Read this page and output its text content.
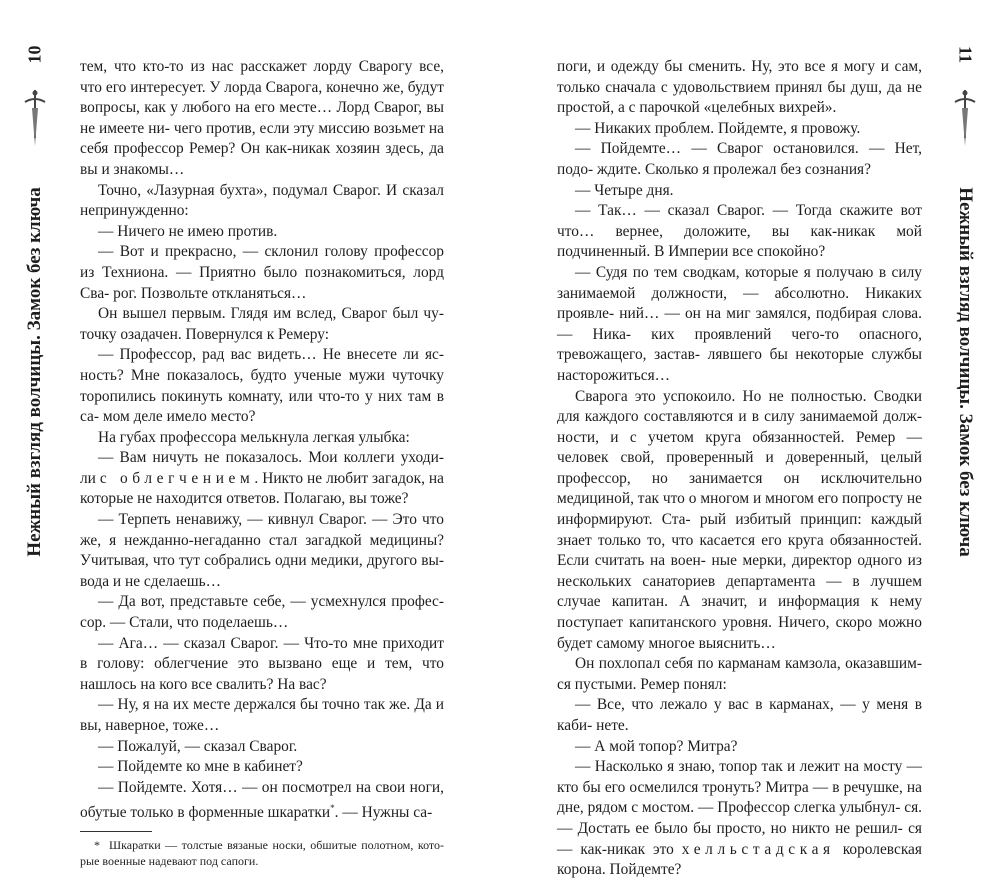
10
Нежный взгляд волчицы. Замок без ключа

тем, что кто-то из нас расскажет лорду Сварогу все, что его интересует. У лорда Сварога, конечно же, будут вопросы, как у любого на его месте… Лорд Сварог, вы не имеете ни- чего против, если эту миссию возьмет на себя профессор Ремер? Он как-никак хозяин здесь, да вы и знакомы…

Точно, «Лазурная бухта», подумал Сварог. И сказал непринужденно:

— Ничего не имею против.

— Вот и прекрасно, — склонил голову профессор из Техниона. — Приятно было познакомиться, лорд Сва- рог. Позвольте откланяться…

Он вышел первым. Глядя им вслед, Сварог был чу- точку озадачен. Повернулся к Ремеру:

— Профессор, рад вас видеть… Не внесете ли яс- ность? Мне показалось, будто ученые мужи чуточку торопились покинуть комнату, или что-то у них там в са- мом деле имело место?

На губах профессора мелькнула легкая улыбка:

— Вам ничуть не показалось. Мои коллеги уходи- ли с облегчением. Никто не любит загадок, на которые не находится ответов. Полагаю, вы тоже?

— Терпеть ненавижу, — кивнул Сварог. — Это что же, я нежданно-негаданно стал загадкой медицины? Учитывая, что тут собрались одни медики, другого вы- вода и не сделаешь…

— Да вот, представьте себе, — усмехнулся профес- сор. — Стали, что поделаешь…

— Ага… — сказал Сварог. — Что-то мне приходит в голову: облегчение это вызвано еще и тем, что нашлось на кого все свалить? На вас?

— Ну, я на их месте держался бы точно так же. Да и вы, наверное, тоже…

— Пожалуй, — сказал Сварог.

— Пойдемте ко мне в кабинет?

— Пойдемте. Хотя… — он посмотрел на свои ноги, обутые только в форменные шкаратки*. — Нужны са-

* Шкаратки — толстые вязаные носки, обшитые полотном, кото-рые военные надевают под сапоги.

поги, и одежду бы сменить. Ну, это все я могу и сам, только сначала с удовольствием принял бы душ, да не простой, а с парочкой «целебных вихрей».

— Никаких проблем. Пойдемте, я провожу.

— Пойдемте… — Сварог остановился. — Нет, подо- ждите. Сколько я пролежал без сознания?

— Четыре дня.

— Так… — сказал Сварог. — Тогда скажите вот что… вернее, доложите, вы как-никак мой подчиненный. В Империи все спокойно?

— Судя по тем сводкам, которые я получаю в силу занимаемой должности, — абсолютно. Никаких проявле- ний… — он на миг замялся, подбирая слова. — Ника- ких проявлений чего-то опасного, тревожащего, застав- лявшего бы некоторые службы насторожиться…

Сварога это успокоило. Но не полностью. Сводки для каждого составляются и в силу занимаемой долж- ности, и с учетом круга обязанностей. Ремер — человек свой, проверенный и доверенный, целый профессор, но занимается он исключительно медициной, так что о многом и многом его попросту не информируют. Ста- рый избитый принцип: каждый знает только то, что касается его круга обязанностей. Если считать на воен- ные мерки, директор одного из нескольких санаториев департамента — в лучшем случае капитан. А значит, и информация к нему поступает капитанского уровня. Ничего, скоро можно будет самому многое выяснить…

Он похлопал себя по карманам камзола, оказавшим- ся пустыми. Ремер понял:

— Все, что лежало у вас в карманах, — у меня в каби- нете.

— А мой топор? Митра?

— Насколько я знаю, топор так и лежит на мосту — кто бы его осмелился тронуть? Митра — в речушке, на дне, рядом с мостом. — Профессор слегка улыбнул- ся. — Достать ее было бы просто, но никто не решил- ся — как-никак это хелльстадская королевская корона. Пойдемте?

11
Нежный взгляд волчицы. Замок без ключа
